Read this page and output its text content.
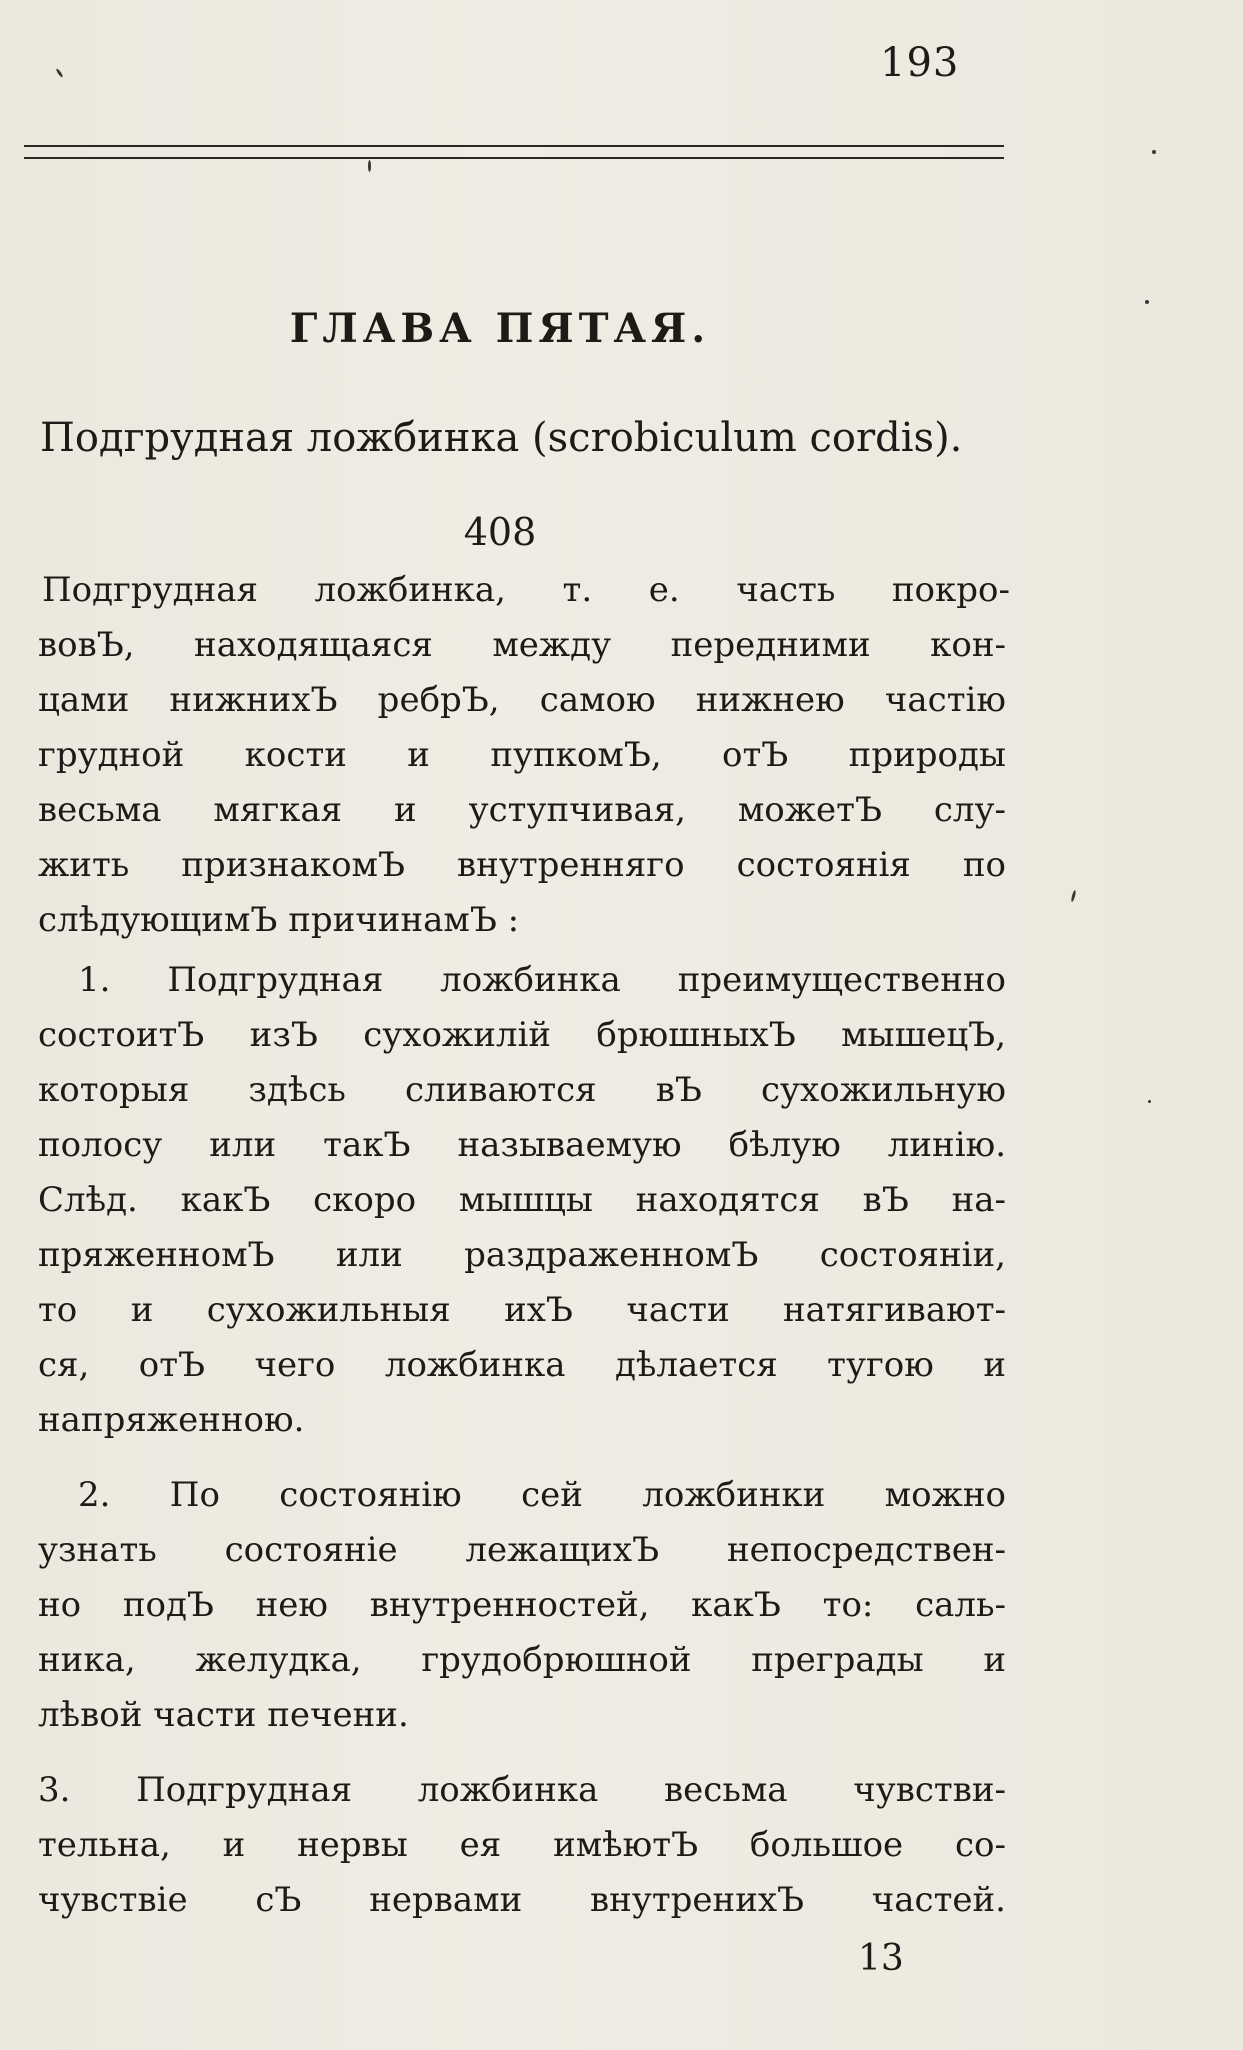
193
ГЛАВА ПЯТАЯ.
Подгрудная ложбинка (scrobiculum cordis).
408
Подгрудная ложбинка, т. е. часть покро-
вовЪ, находящаяся между передними кон-
цами нижнихЪ ребрЪ, самою нижнею частію
грудной кости и пупкомЪ, отЪ природы
весьма мягкая и уступчивая, можетЪ слу-
жить признакомЪ внутренняго состоянія по
слѣдующимЪ причинамЪ :
1. Подгрудная ложбинка преимущественно
состоитЪ изЪ сухожилій брюшныхЪ мышецЪ,
которыя здѣсь сливаются вЪ сухожильную
полосу или такЪ называемую бѣлую линію.
Слѣд. какЪ скоро мышцы находятся вЪ на-
пряженномЪ или раздраженномЪ состояніи,
то и сухожильныя ихЪ части натягивают-
ся, отЪ чего ложбинка дѣлается тугою и
напряженною.
2. По состоянію сей ложбинки можно
узнать состояніе лежащихЪ непосредствен-
но подЪ нею внутренностей, какЪ то: саль-
ника, желудка, грудобрюшной преграды и
лѣвой части печени.
3. Подгрудная ложбинка весьма чувстви-
тельна, и нервы ея имѣютЪ большое со-
чувствіе сЪ нервами внутренихЪ частей.
13
